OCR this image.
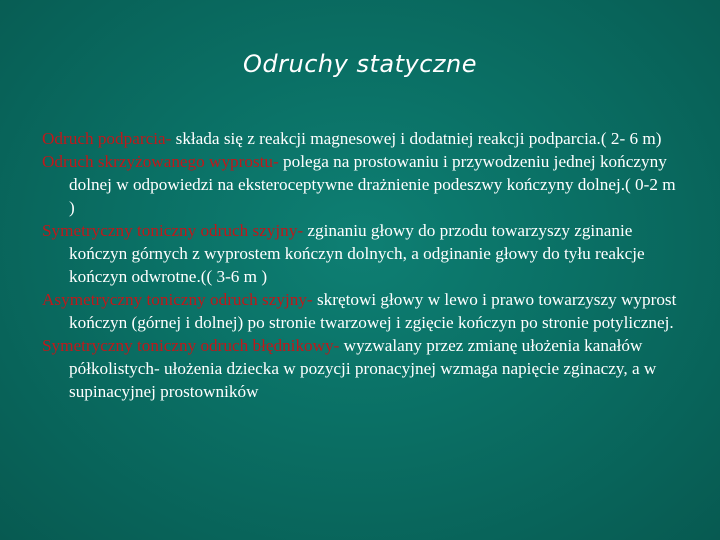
Odruchy statyczne

Odruch podparcia- składa się z reakcji magnesowej i dodatniej reakcji podparcia.( 2- 6 m)

Odruch skrzyżowanego wyprostu- polega na prostowaniu i przywodzeniu jednej kończyny dolnej w odpowiedzi na eksteroceptywne drażnienie podeszwy kończyny dolnej.( 0-2 m )

Symetryczny toniczny odruch szyjny- zginaniu głowy do przodu towarzyszy zginanie kończyn górnych z wyprostem kończyn dolnych, a odginanie głowy do tyłu reakcje kończyn odwrotne.(( 3-6 m )

Asymetryczny toniczny odruch szyjny- skrętowi głowy w lewo i prawo towarzyszy wyprost kończyn (górnej i dolnej) po stronie twarzowej i zgięcie kończyn po stronie potylicznej.

Symetryczny toniczny odruch błędnikowy- wyzwalany przez zmianę ułożenia kanałów półkolistych- ułożenia dziecka w pozycji pronacyjnej wzmaga napięcie zginaczy, a w supinacyjnej prostowników
